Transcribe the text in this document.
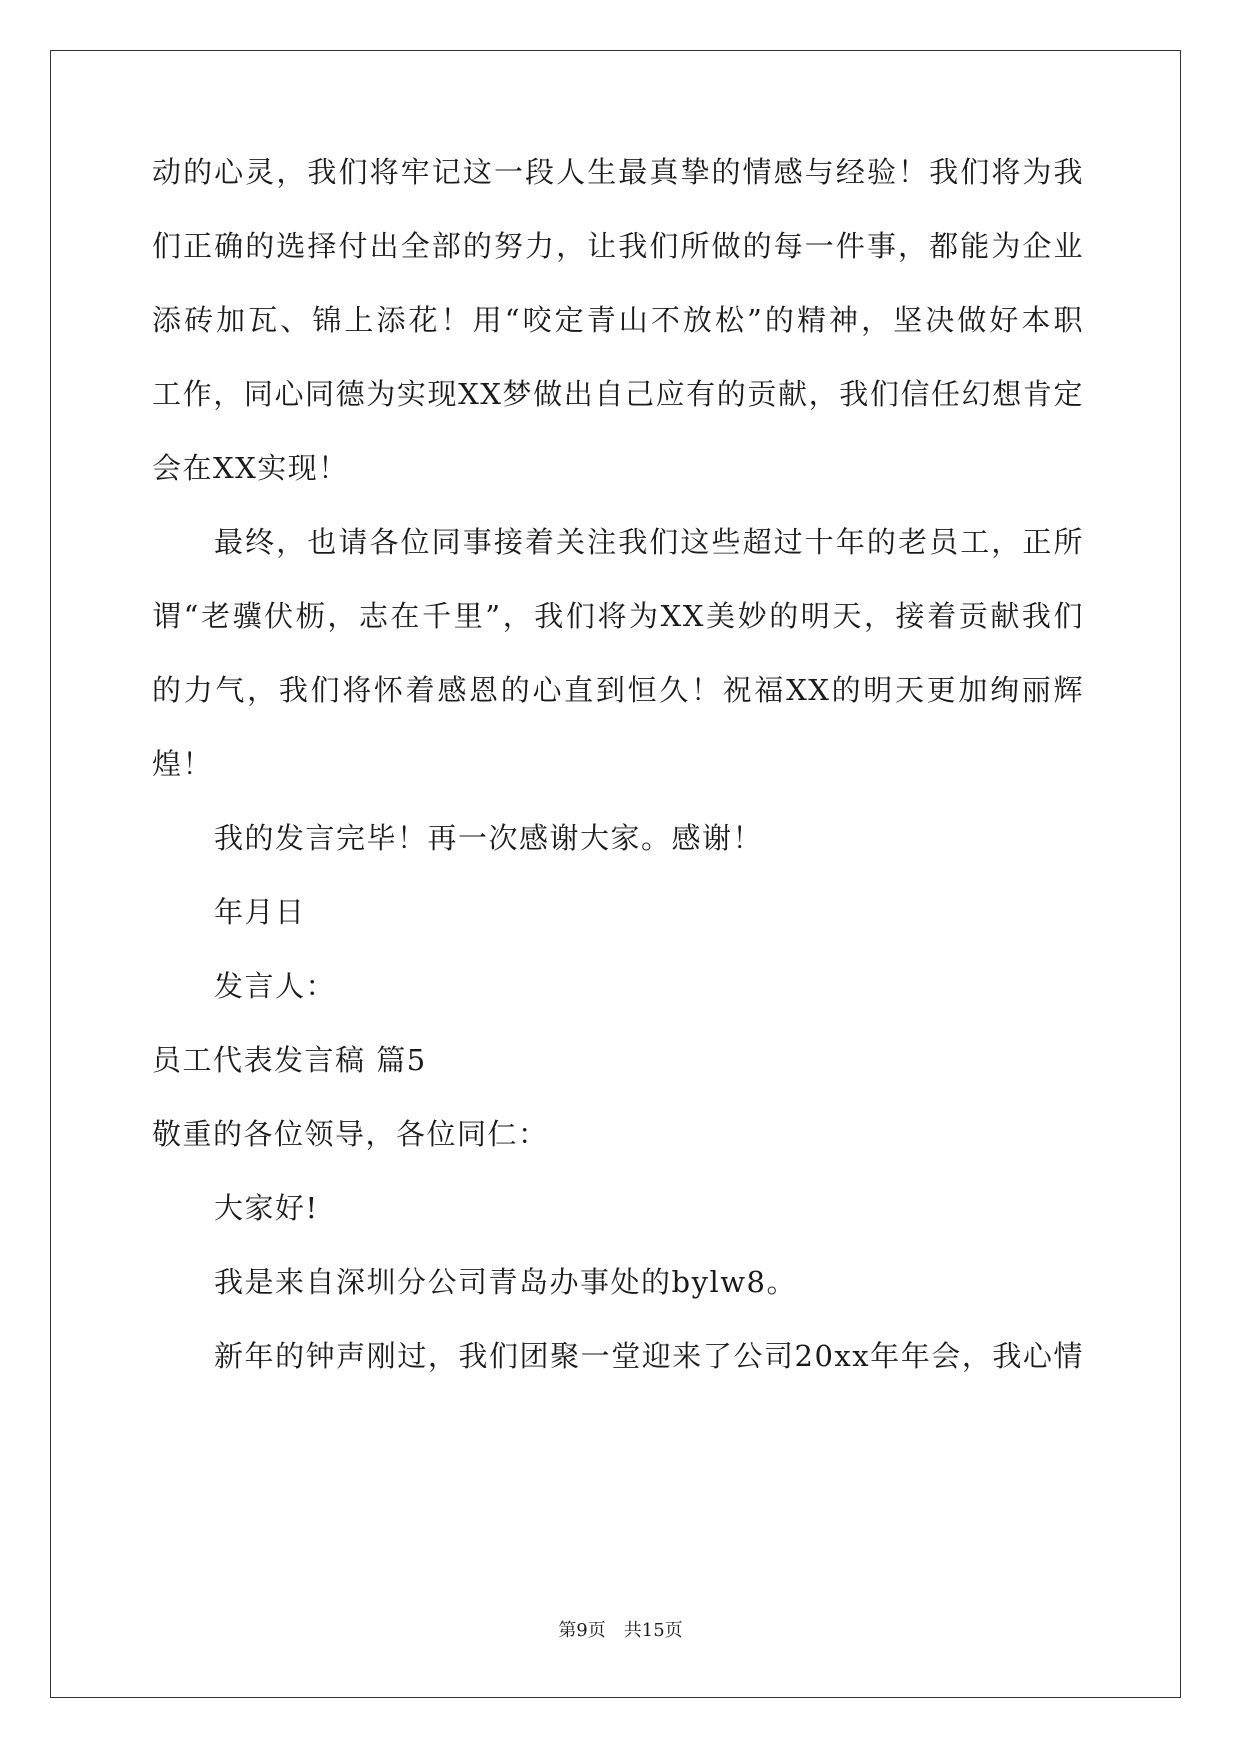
动的心灵，我们将牢记这一段人生最真挚的情感与经验！我们将为我
们正确的选择付出全部的努力，让我们所做的每一件事，都能为企业
添砖加瓦、锦上添花！用“咬定青山不放松”的精神，坚决做好本职
工作，同心同德为实现XX梦做出自己应有的贡献，我们信任幻想肯定
会在XX实现！
最终，也请各位同事接着关注我们这些超过十年的老员工，正所
谓“老骥伏枥，志在千里”，我们将为XX美妙的明天，接着贡献我们
的力气，我们将怀着感恩的心直到恒久！祝福XX的明天更加绚丽辉
煌！
我的发言完毕！再一次感谢大家。感谢！
年月日
发言人：
员工代表发言稿 篇5
敬重的各位领导，各位同仁：
大家好!
我是来自深圳分公司青岛办事处的bylw8。
新年的钟声刚过，我们团聚一堂迎来了公司20xx年年会，我心情
第9页　共15页
